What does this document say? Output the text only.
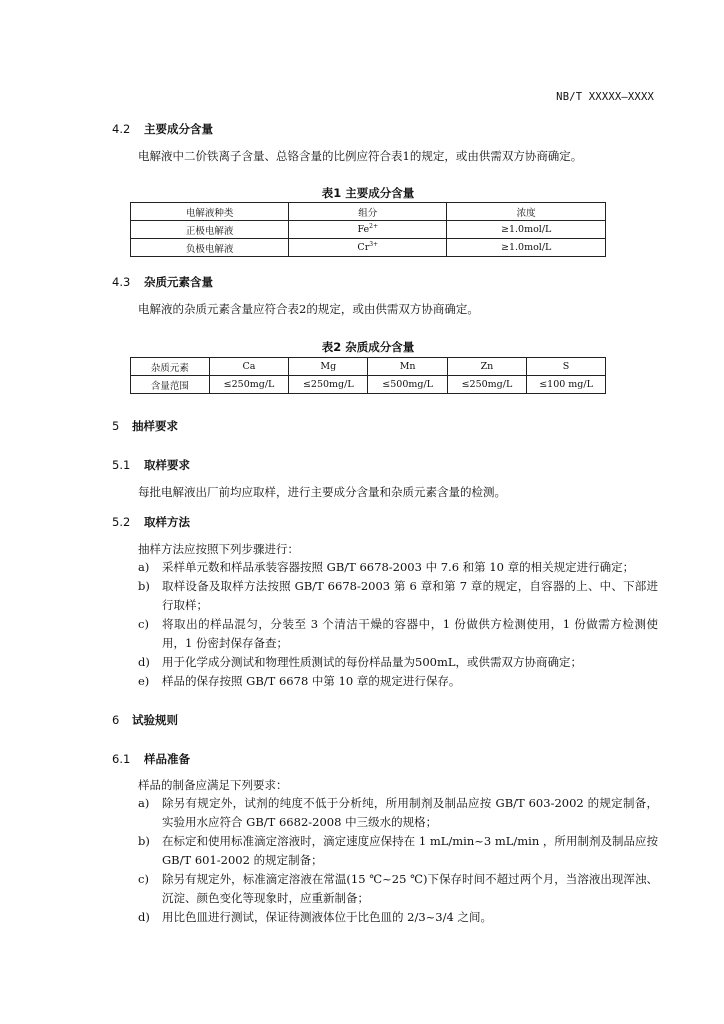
NB/T XXXXX—XXXX
4.2 主要成分含量
电解液中二价铁离子含量、总铬含量的比例应符合表1的规定，或由供需双方协商确定。
表1 主要成分含量
电解液种类	组分	浓度
正极电解液	$Fe^{2+}$	≥1.0mol/L
负极电解液	$Cr^{3+}$	≥1.0mol/L
4.3 杂质元素含量
电解液的杂质元素含量应符合表2的规定，或由供需双方协商确定。
表2 杂质成分含量
杂质元素	Ca	Mg	Mn	Zn	S
含量范围	≤250mg/L	≤250mg/L	≤500mg/L	≤250mg/L	≤100 mg/L
5 抽样要求
5.1 取样要求
每批电解液出厂前均应取样，进行主要成分含量和杂质元素含量的检测。
5.2 取样方法
抽样方法应按照下列步骤进行：
a) 采样单元数和样品承装容器按照 GB/T 6678-2003 中 7.6 和第 10 章的相关规定进行确定；
b) 取样设备及取样方法按照 GB/T 6678-2003 第 6 章和第 7 章的规定，自容器的上、中、下部进行取样；
c) 将取出的样品混匀，分装至 3 个清洁干燥的容器中，1 份做供方检测使用，1 份做需方检测使用，1 份密封保存备查；
d) 用于化学成分测试和物理性质测试的每份样品量为500mL，或供需双方协商确定；
e) 样品的保存按照 GB/T 6678 中第 10 章的规定进行保存。
6 试验规则
6.1 样品准备
样品的制备应满足下列要求：
a) 除另有规定外，试剂的纯度不低于分析纯，所用制剂及制品应按 GB/T 603-2002 的规定制备，实验用水应符合 GB/T 6682-2008 中三级水的规格；
b) 在标定和使用标准滴定溶液时，滴定速度应保持在 1 mL/min~3 mL/min ，所用制剂及制品应按 GB/T 601-2002 的规定制备；
c) 除另有规定外，标准滴定溶液在常温(15 ℃~25 ℃)下保存时间不超过两个月，当溶液出现浑浊、沉淀、颜色变化等现象时，应重新制备；
d) 用比色皿进行测试，保证待测液体位于比色皿的 2/3~3/4 之间。
